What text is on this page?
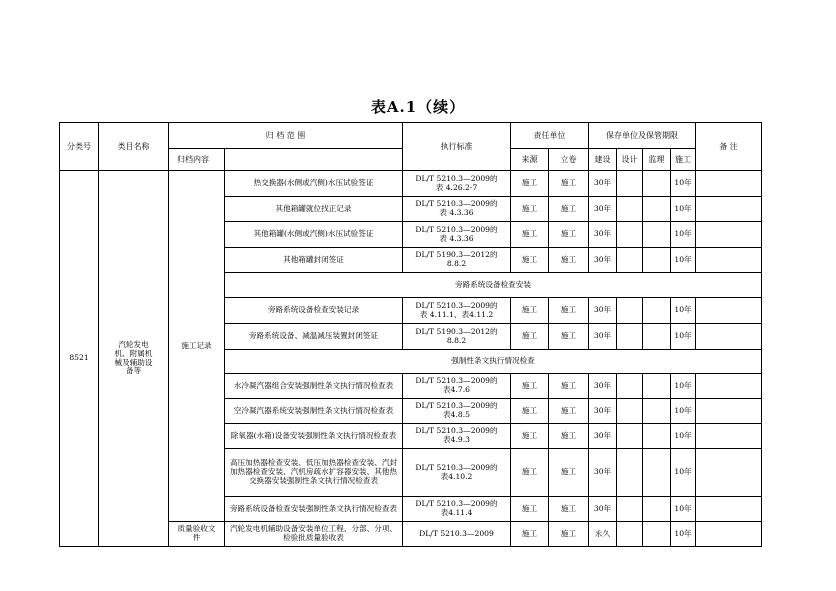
表A.1（续）
分类号	类目名称	归 档 范 围		执行标准	责任单位		保存单位及保管期限				备 注
		归档内容			来源	立卷	建设	设计	监理	施工	
8521	汽轮发电机、附属机械及辅助设备等	施工记录	热交换器(水侧或汽侧)水压试验签证	DL/T 5210.3—2009的
表 4.26.2-7	施工	施工	30年			10年	
			其他箱罐就位找正记录	DL/T 5210.3—2009的
表 4.3.36	施工	施工	30年			10年	
			其他箱罐(水侧或汽侧)水压试验签证	DL/T 5210.3—2009的
表 4.3.36	施工	施工	30年			10年	
			其他箱罐封闭签证	DL/T 5190.3—2012的
8.8.2	施工	施工	30年			10年	
			旁路系统设备检查安装								
			旁路系统设备检查安装记录	DL/T 5210.3—2009的
表 4.11.1、表4.11.2	施工	施工	30年			10年	
			旁路系统设备、减温减压装置封闭签证	DL/T 5190.3—2012的
8.8.2	施工	施工	30年			10年	
			强制性条文执行情况检查								
			水冷凝汽器组合安装强制性条文执行情况检查表	DL/T 5210.3—2009的
表4.7.6	施工	施工	30年			10年	
			空冷凝汽器系统安装强制性条文执行情况检查表	DL/T 5210.3—2009的
表4.8.5	施工	施工	30年			10年	
			除氧器(水箱)设备安装强制性条文执行情况检查表	DL/T 5210.3—2009的
表4.9.3	施工	施工	30年			10年	
			高压加热器检查安装、低压加热器检查安装、汽封加热器检查安装、汽机房疏水扩容器安装、其他热交换器安装强制性条文执行情况检查表	DL/T 5210.3—2009的
表4.10.2	施工	施工	30年			10年	
			旁路系统设备检查安装强制性条文执行情况检查表	DL/T 5210.3—2009的
表4.11.4	施工	施工	30年			10年	
		质量验收文件	汽轮发电机辅助设备安装单位工程、分部、分项、检验批质量验收表	DL/T 5210.3—2009	施工	施工	永久			10年	
